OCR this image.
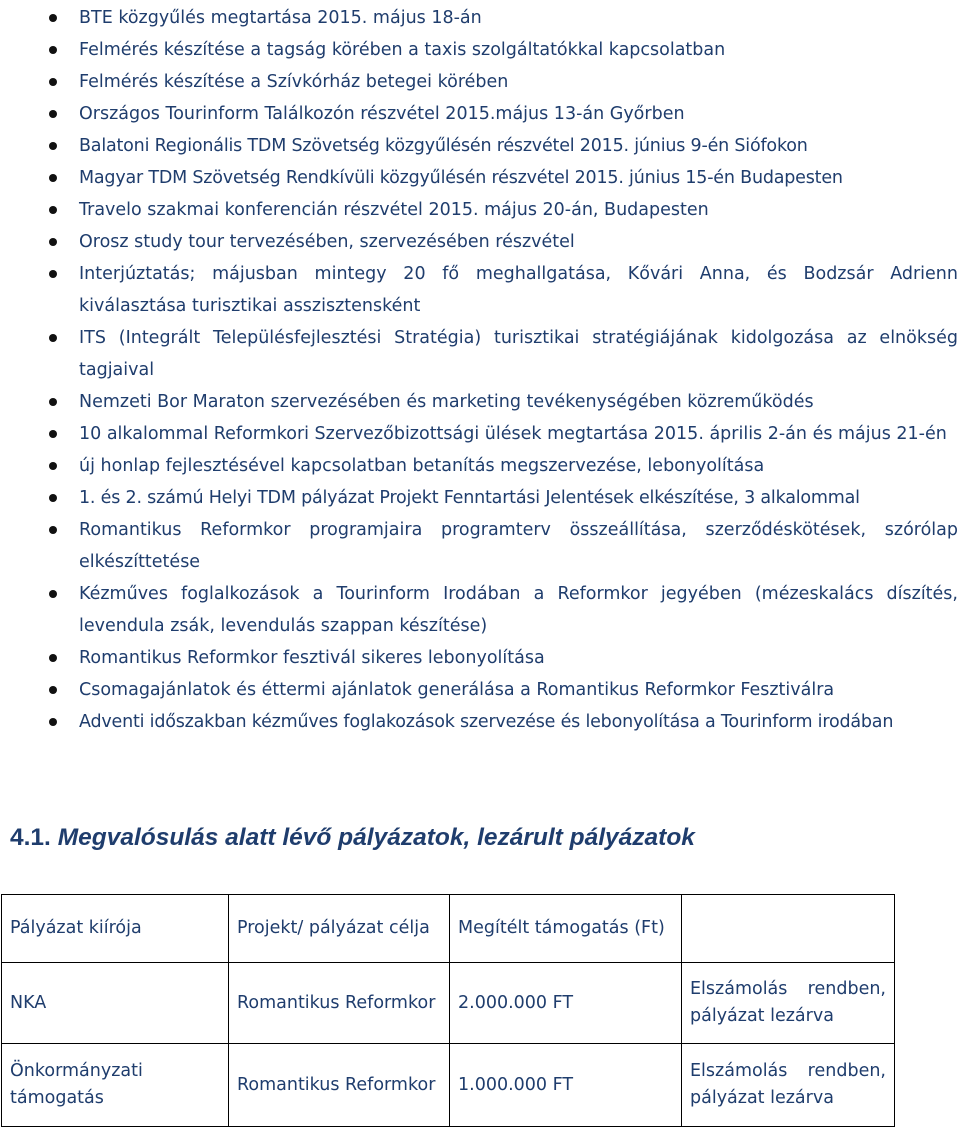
BTE közgyűlés megtartása 2015. május 18-án
Felmérés készítése a tagság körében a taxis szolgáltatókkal kapcsolatban
Felmérés készítése a Szívkórház betegei körében
Országos Tourinform Találkozón részvétel 2015.május 13-án Győrben
Balatoni Regionális TDM Szövetség közgyűlésén részvétel 2015. június 9-én Siófokon
Magyar TDM Szövetség Rendkívüli közgyűlésén részvétel 2015. június 15-én Budapesten
Travelo szakmai konferencián részvétel 2015. május 20-án, Budapesten
Orosz study tour tervezésében, szervezésében részvétel
Interjúztatás; májusban mintegy 20 fő meghallgatása, Kővári Anna, és Bodzsár Adrienn kiválasztása turisztikai asszisztensként
ITS (Integrált Településfejlesztési Stratégia) turisztikai stratégiájának kidolgozása az elnökség tagjaival
Nemzeti Bor Maraton szervezésében és marketing tevékenységében közreműködés
10 alkalommal Reformkori Szervezőbizottsági ülések megtartása 2015. április 2-án és május 21-én
új honlap fejlesztésével kapcsolatban betanítás megszervezése, lebonyolítása
1. és 2. számú Helyi TDM pályázat Projekt Fenntartási Jelentések elkészítése, 3 alkalommal
Romantikus Reformkor programjaira programterv összeállítása, szerződéskötések, szórólap elkészíttetése
Kézműves foglalkozások a Tourinform Irodában a Reformkor jegyében (mézeskalács díszítés, levendula zsák, levendulás szappan készítése)
Romantikus Reformkor fesztivál sikeres lebonyolítása
Csomagajánlatok és éttermi ajánlatok generálása a Romantikus Reformkor Fesztiválra
Adventi időszakban kézműves foglakozások szervezése és lebonyolítása a Tourinform irodában
4.1. Megvalósulás alatt lévő pályázatok, lezárult pályázatok
Pályázat kiírója	Projekt/ pályázat célja	Megítélt támogatás (Ft)	
NKA	Romantikus Reformkor	2.000.000 FT	Elszámolás rendben, pályázat lezárva
Önkormányzati támogatás	Romantikus Reformkor	1.000.000 FT	Elszámolás rendben, pályázat lezárva
